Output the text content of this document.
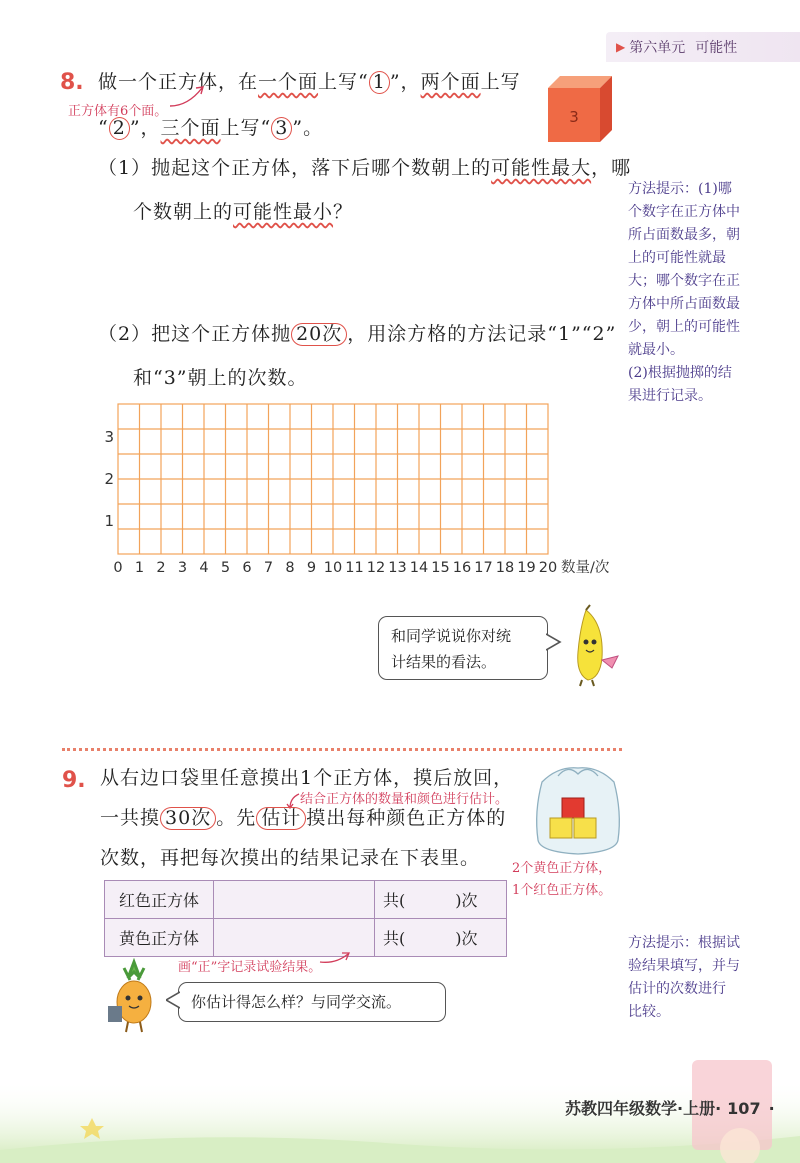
▶ 第六单元 可能性
8. 做一个正方体，在一个面上写“ 1 ”，两个面上写
正方体有6个面。
“ 2 ”，三个面上写“ 3 ”。	3
（1）抛起这个正方体，落下后哪个数朝上的可能性最大，哪
个数朝上的可能性最小？
方法提示：(1)哪
个数字在正方体中
所占面数最多，朝
上的可能性就最
大；哪个数字在正
方体中所占面数最
少，朝上的可能性
就最小。
(2)根据抛掷的结
果进行记录。
（2）把这个正方体抛 20次 ，用涂方格的方法记录“1”“2”
和“3”朝上的次数。
3
2
1
0 1 2 3 4 5 6 7 8 9 10 11 12 13 14 15 16 17 18 19 20 数量/次
和同学说说你对统
计结果的看法。
9. 从右边口袋里任意摸出1个正方体，摸后放回，
结合正方体的数量和颜色进行估计。
一共摸 30次 。先 估计 摸出每种颜色正方体的
次数，再把每次摸出的结果记录在下表里。 2个黄色正方体，
1个红色正方体。
红色正方体		共( )次
黄色正方体		共( )次
画“正”字记录试验结果。
你估计得怎么样？与同学交流。
方法提示：根据试
验结果填写，并与
估计的次数进行
比较。
苏教四年级数学·上册· 107 ·
